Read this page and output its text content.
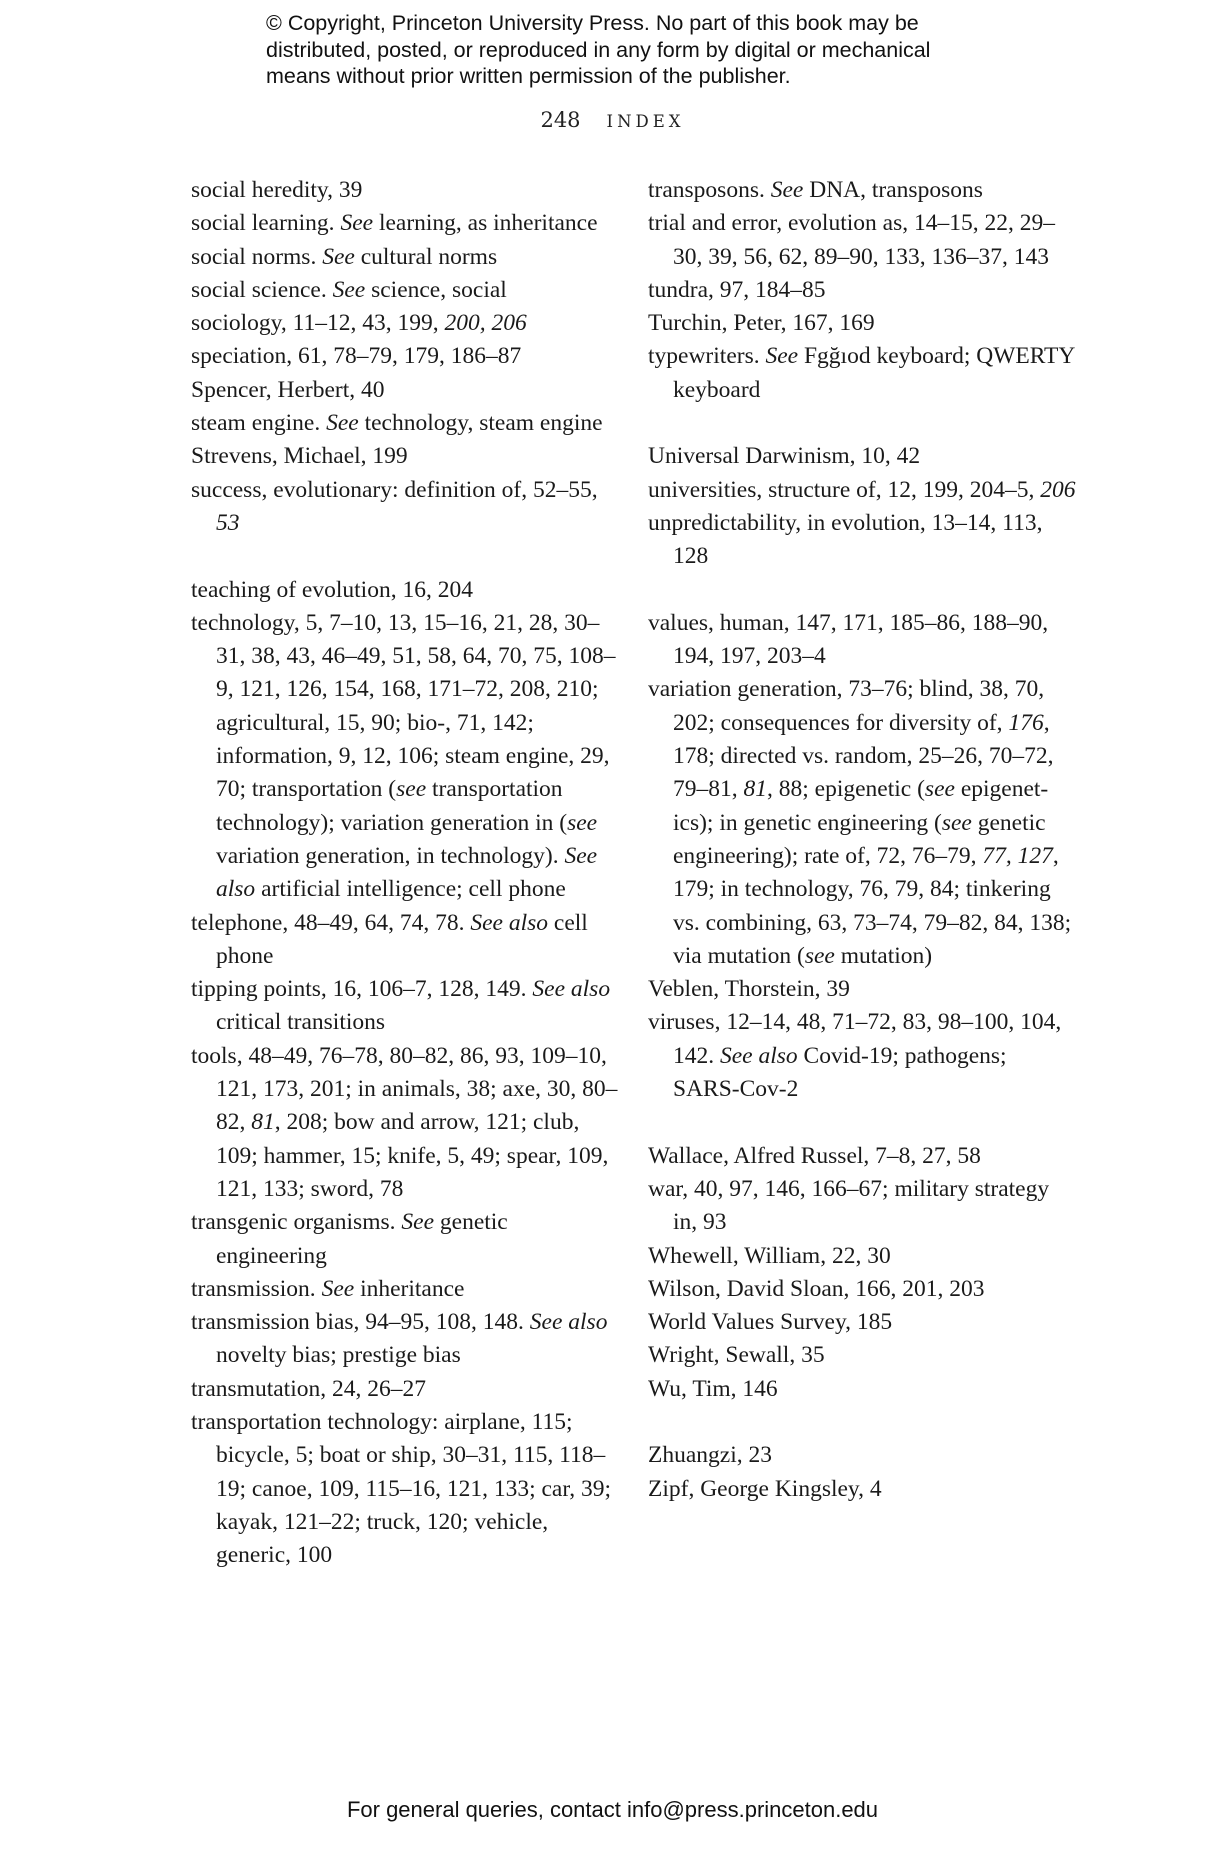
© Copyright, Princeton University Press. No part of this book may be
distributed, posted, or reproduced in any form by digital or mechanical
means without prior written permission of the publisher.
248 INDEX
social heredity, 39
social learning. See learning, as inheritance
social norms. See cultural norms
social science. See science, social
sociology, 11–12, 43, 199, 200, 206
speciation, 61, 78–79, 179, 186–87
Spencer, Herbert, 40
steam engine. See technology, steam engine
Strevens, Michael, 199
success, evolutionary: definition of, 52–55, 53
teaching of evolution, 16, 204
technology, 5, 7–10, 13, 15–16, 21, 28, 30–31, 38, 43, 46–49, 51, 58, 64, 70, 75, 108–9, 121, 126, 154, 168, 171–72, 208, 210; agricultural, 15, 90; bio-, 71, 142; information, 9, 12, 106; steam engine, 29, 70; transportation (see transportation technology); variation generation in (see variation generation, in technology). See also artificial intelligence; cell phone
telephone, 48–49, 64, 74, 78. See also cell phone
tipping points, 16, 106–7, 128, 149. See also critical transitions
tools, 48–49, 76–78, 80–82, 86, 93, 109–10, 121, 173, 201; in animals, 38; axe, 30, 80–82, 81, 208; bow and arrow, 121; club, 109; hammer, 15; knife, 5, 49; spear, 109, 121, 133; sword, 78
transgenic organisms. See genetic engineering
transmission. See inheritance
transmission bias, 94–95, 108, 148. See also novelty bias; prestige bias
transmutation, 24, 26–27
transportation technology: airplane, 115; bicycle, 5; boat or ship, 30–31, 115, 118–19; canoe, 109, 115–16, 121, 133; car, 39; kayak, 121–22; truck, 120; vehicle, generic, 100
transposons. See DNA, transposons
trial and error, evolution as, 14–15, 22, 29–30, 39, 56, 62, 89–90, 133, 136–37, 143
tundra, 97, 184–85
Turchin, Peter, 167, 169
typewriters. See Fgğıod keyboard; QWERTY keyboard
Universal Darwinism, 10, 42
universities, structure of, 12, 199, 204–5, 206
unpredictability, in evolution, 13–14, 113, 128
values, human, 147, 171, 185–86, 188–90, 194, 197, 203–4
variation generation, 73–76; blind, 38, 70, 202; consequences for diversity of, 176, 178; directed vs. random, 25–26, 70–72, 79–81, 81, 88; epigenetic (see epigenetics); in genetic engineering (see genetic engineering); rate of, 72, 76–79, 77, 127, 179; in technology, 76, 79, 84; tinkering vs. combining, 63, 73–74, 79–82, 84, 138; via mutation (see mutation)
Veblen, Thorstein, 39
viruses, 12–14, 48, 71–72, 83, 98–100, 104, 142. See also Covid-19; pathogens; SARS-Cov-2
Wallace, Alfred Russel, 7–8, 27, 58
war, 40, 97, 146, 166–67; military strategy in, 93
Whewell, William, 22, 30
Wilson, David Sloan, 166, 201, 203
World Values Survey, 185
Wright, Sewall, 35
Wu, Tim, 146
Zhuangzi, 23
Zipf, George Kingsley, 4
For general queries, contact info@press.princeton.edu
